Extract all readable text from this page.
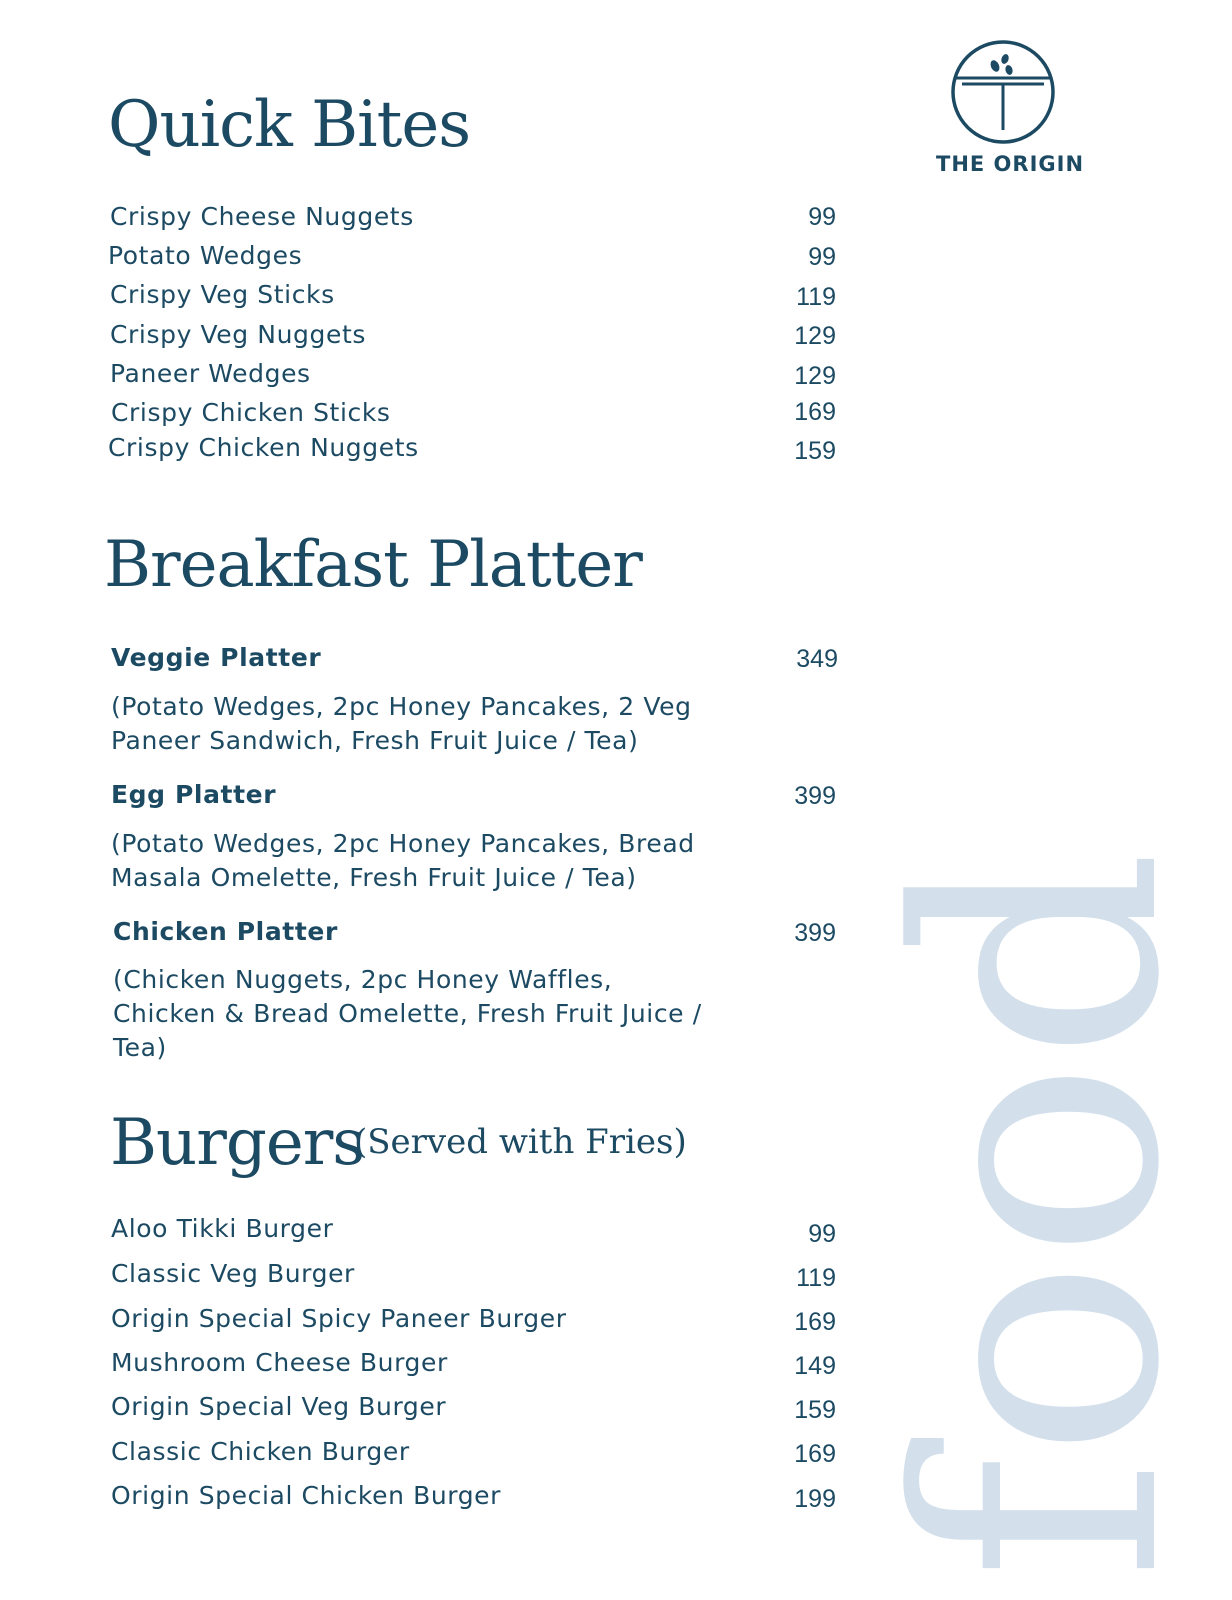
THE ORIGIN
food
Quick Bites
Crispy Cheese Nuggets	99
Potato Wedges	99
Crispy Veg Sticks	119
Crispy Veg Nuggets	129
Paneer Wedges	129
Crispy Chicken Sticks	169
Crispy Chicken Nuggets	159
Breakfast Platter
Veggie Platter	349
(Potato Wedges, 2pc Honey Pancakes, 2 Veg Paneer Sandwich, Fresh Fruit Juice / Tea)
Egg Platter	399
(Potato Wedges, 2pc Honey Pancakes, Bread Masala Omelette, Fresh Fruit Juice / Tea)
Chicken Platter	399
(Chicken Nuggets, 2pc Honey Waffles, Chicken & Bread Omelette, Fresh Fruit Juice / Tea)
Burgers
(Served with Fries)
Aloo Tikki Burger	99
Classic Veg Burger	119
Origin Special Spicy Paneer Burger	169
Mushroom Cheese Burger	149
Origin Special Veg Burger	159
Classic Chicken Burger	169
Origin Special Chicken Burger	199
